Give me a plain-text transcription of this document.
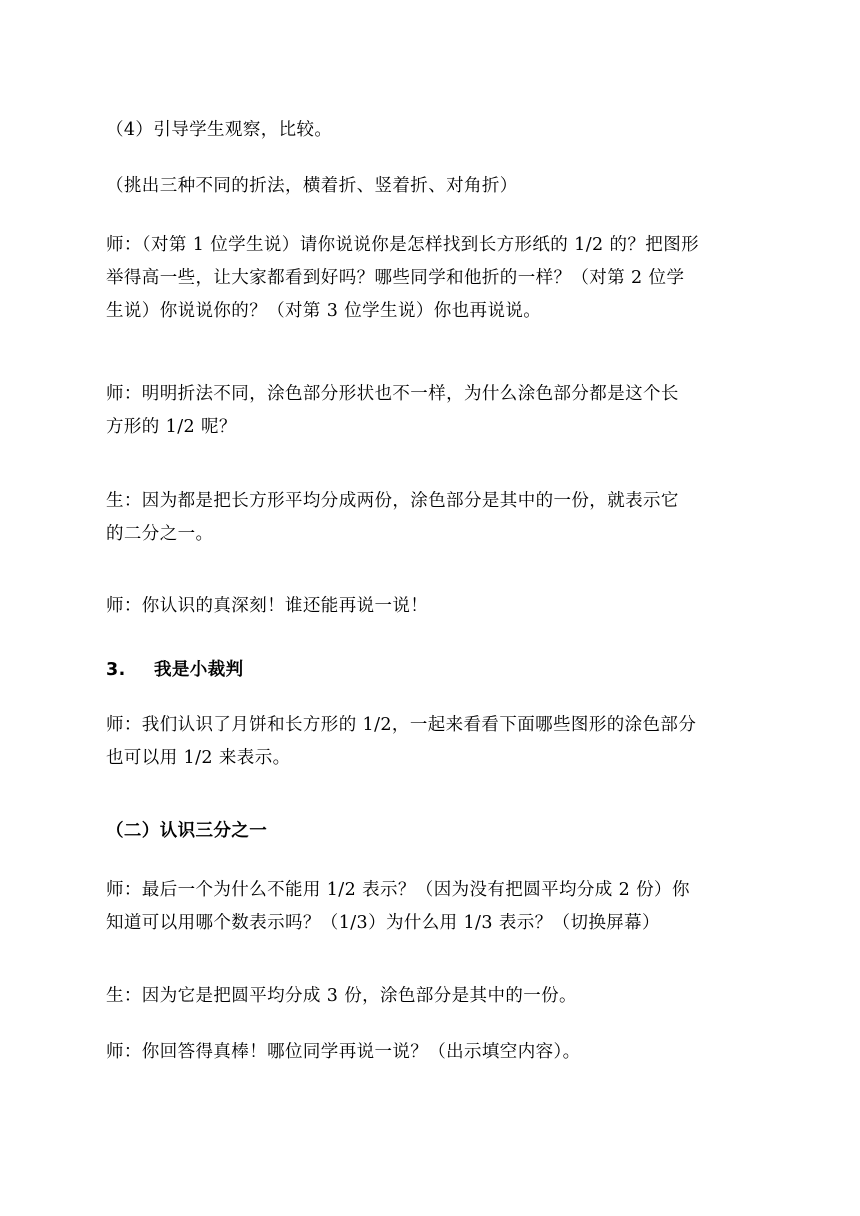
（4）引导学生观察，比较。
（挑出三种不同的折法，横着折、竖着折、对角折）
师：（对第 1 位学生说）请你说说你是怎样找到长方形纸的 1/2 的？把图形
举得高一些，让大家都看到好吗？哪些同学和他折的一样？（对第 2 位学
生说）你说说你的？（对第 3 位学生说）你也再说说。
师：明明折法不同，涂色部分形状也不一样，为什么涂色部分都是这个长
方形的 1/2 呢？
生：因为都是把长方形平均分成两份，涂色部分是其中的一份，就表示它
的二分之一。
师：你认识的真深刻！谁还能再说一说！
3. 我是小裁判
师：我们认识了月饼和长方形的 1/2，一起来看看下面哪些图形的涂色部分
也可以用 1/2 来表示。
（二）认识三分之一
师：最后一个为什么不能用 1/2 表示？（因为没有把圆平均分成 2 份）你
知道可以用哪个数表示吗？（1/3）为什么用 1/3 表示？（切换屏幕）
生：因为它是把圆平均分成 3 份，涂色部分是其中的一份。
师：你回答得真棒！哪位同学再说一说？（出示填空内容）。
